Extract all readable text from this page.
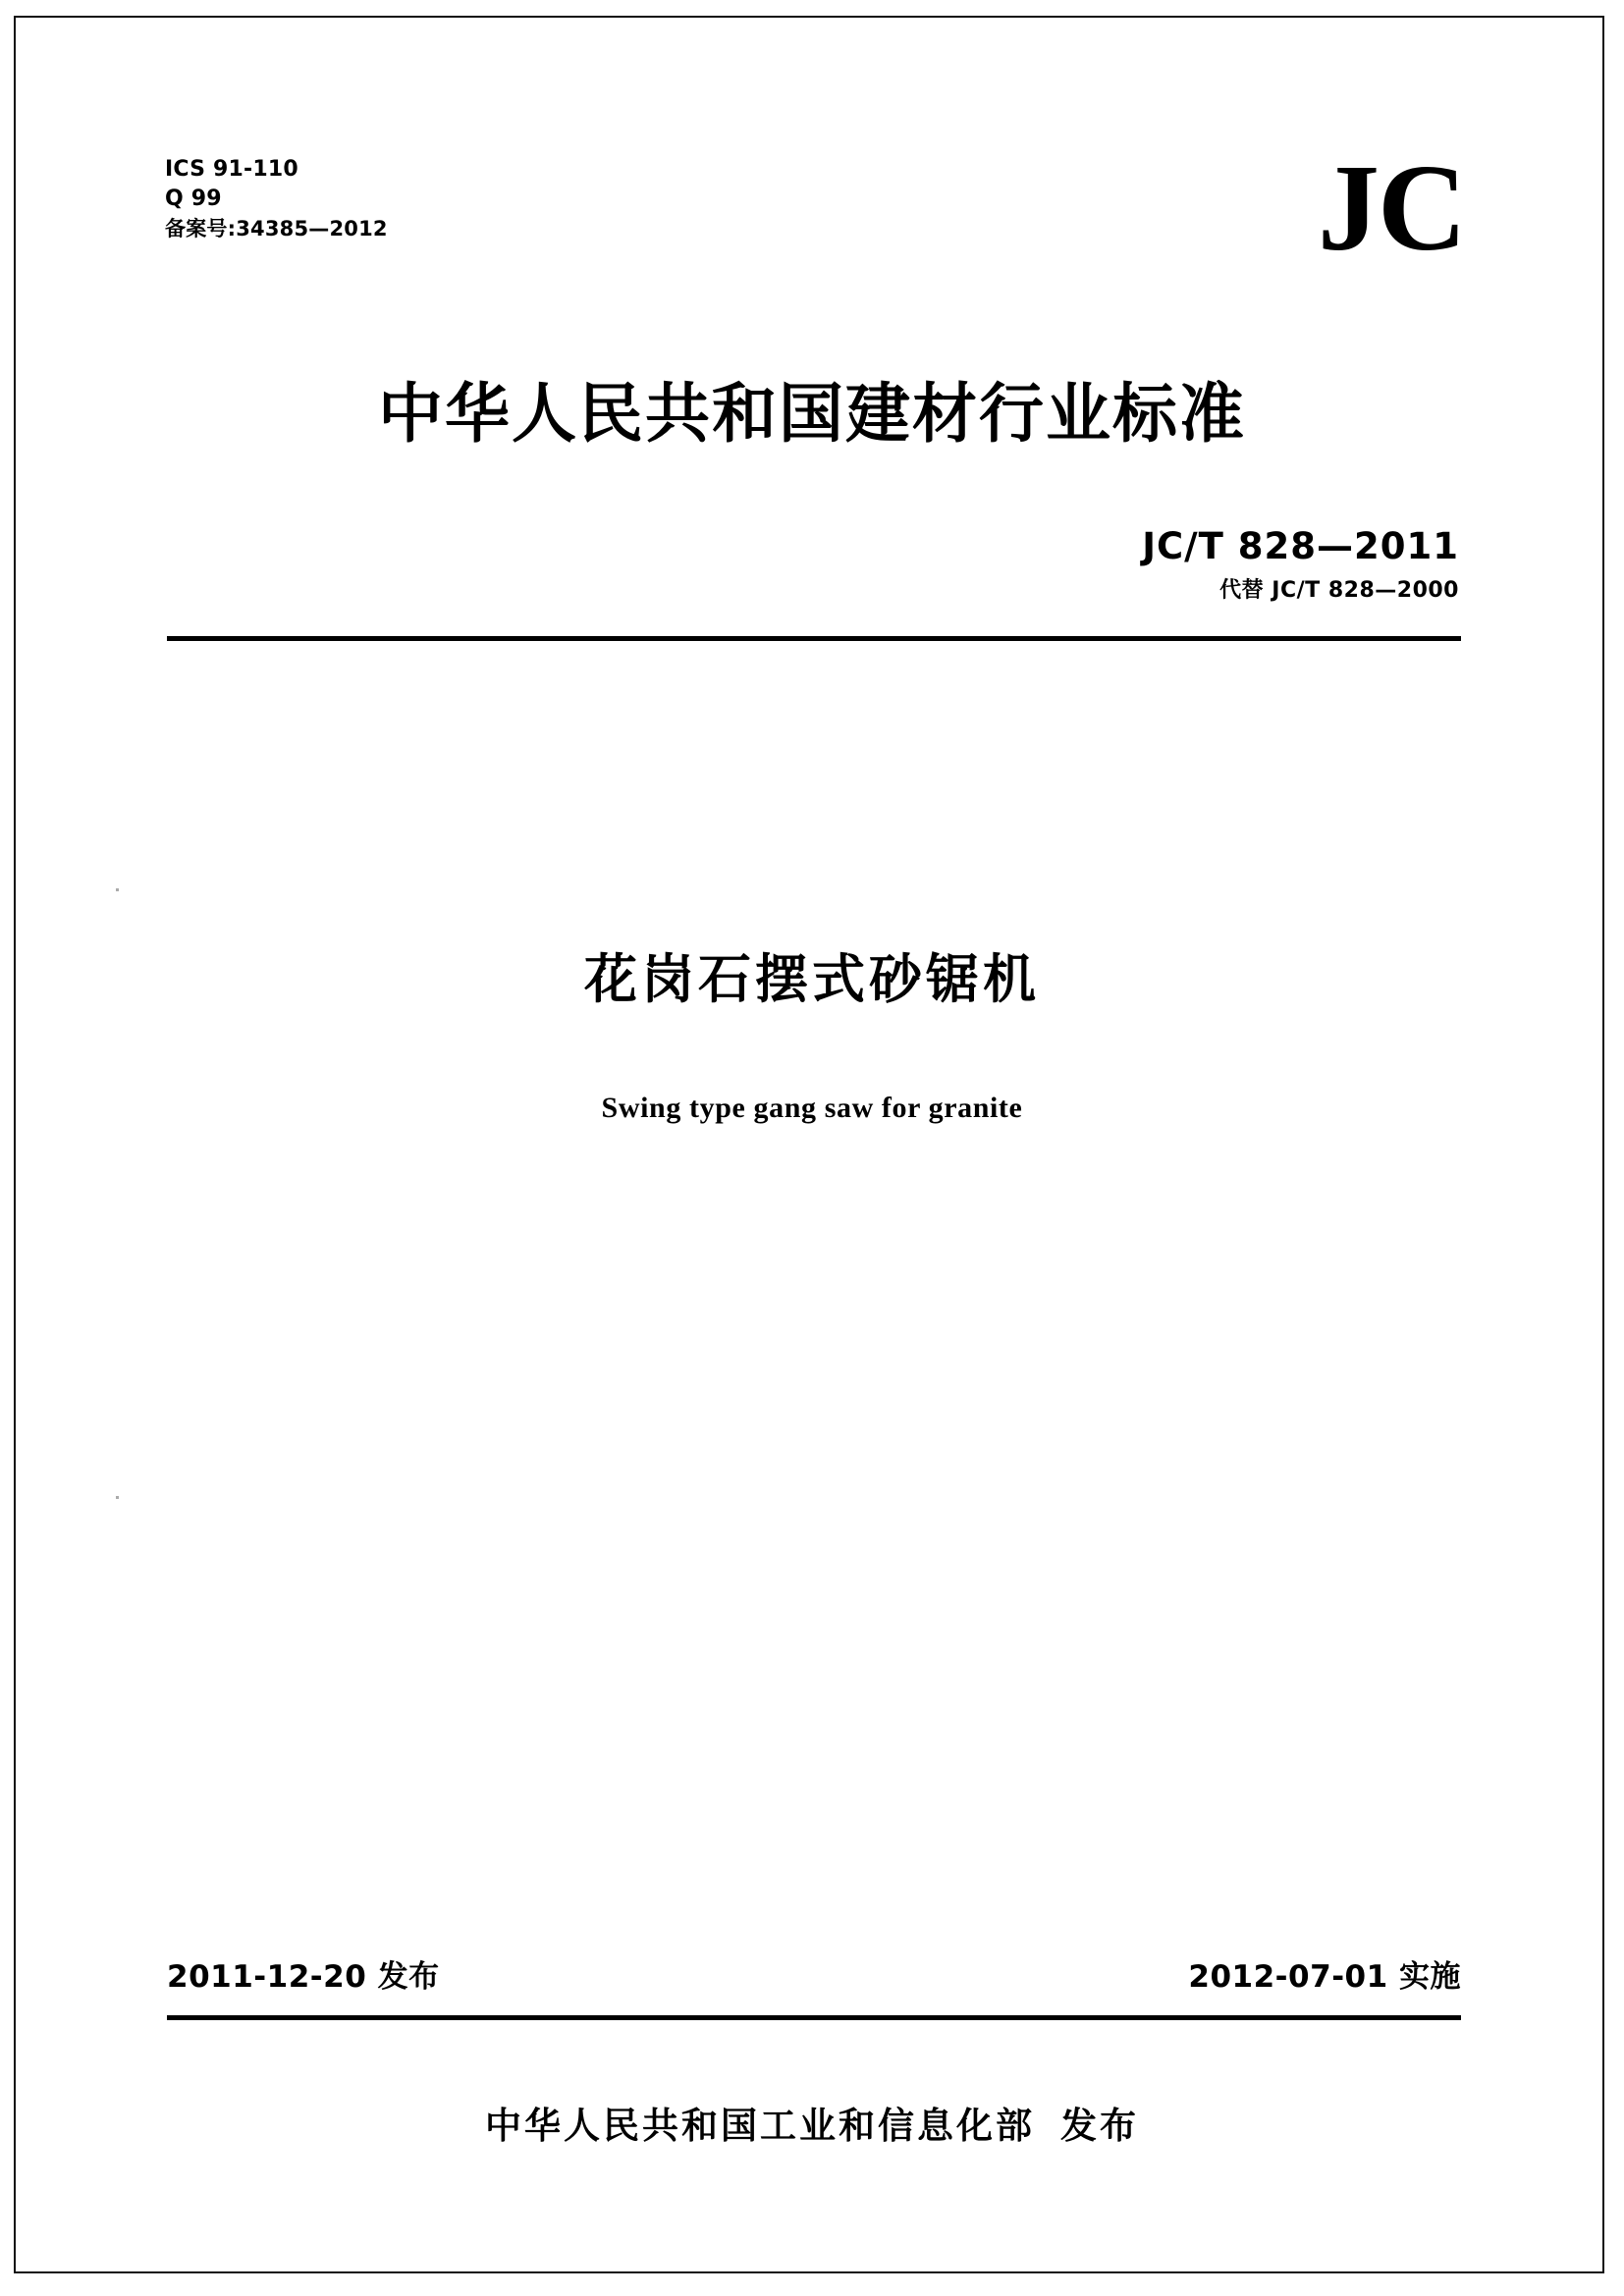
ICS 91-110
Q 99
备案号:34385—2012	JC
中华人民共和国建材行业标准
JC/T 828—2011
代替 JC/T 828—2000
花岗石摆式砂锯机
Swing type gang saw for granite
2011-12-20 发布	2012-07-01 实施
中华人民共和国工业和信息化部 发布
